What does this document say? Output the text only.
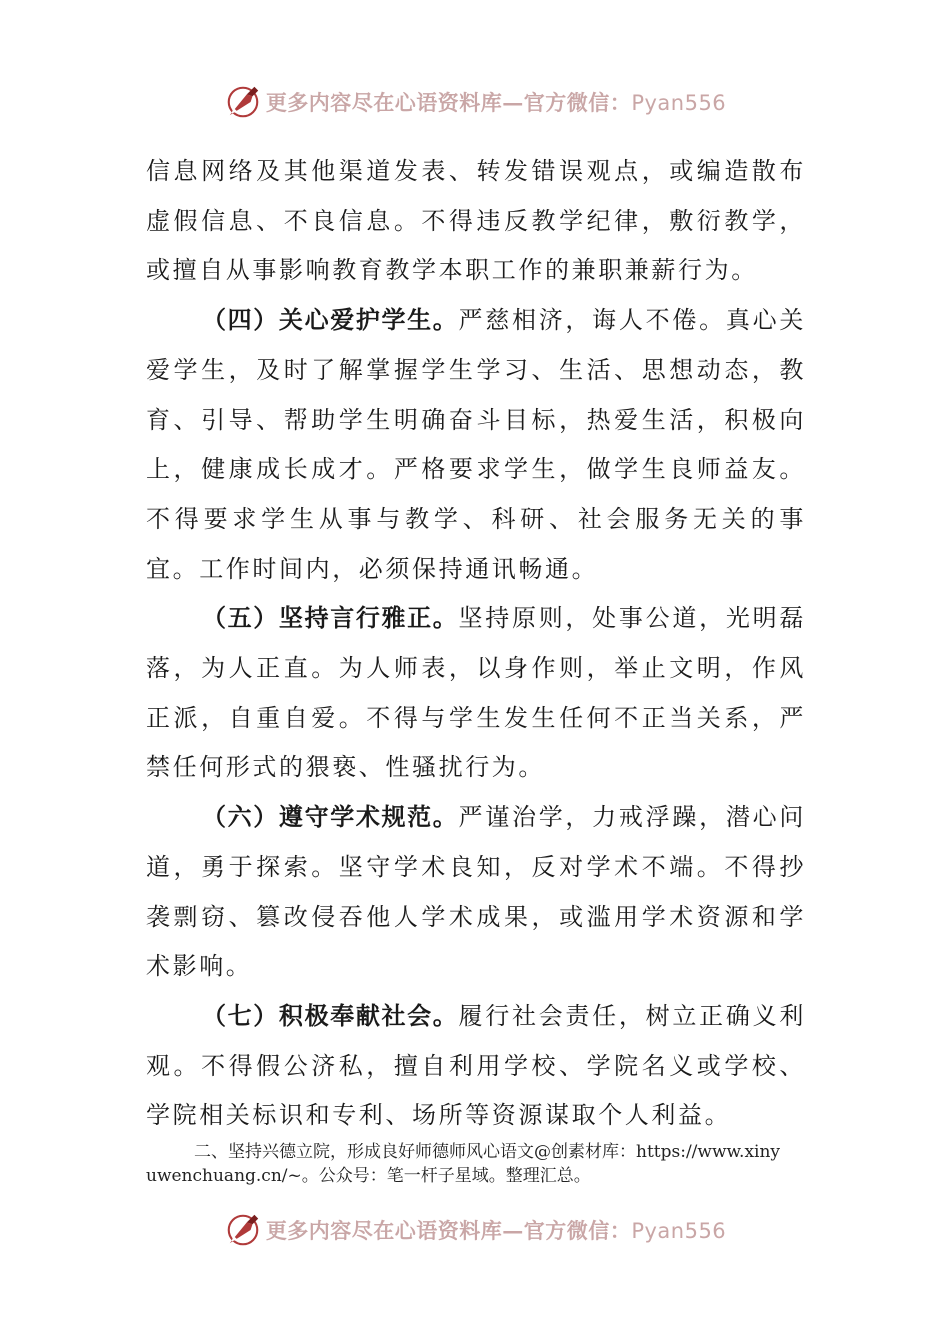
更多内容尽在心语资料库—官方微信：Pyan556

信息网络及其他渠道发表、转发错误观点，或编造散布虚假信息、不良信息。不得违反教学纪律，敷衍教学，或擅自从事影响教育教学本职工作的兼职兼薪行为。

（四）关心爱护学生。严慈相济，诲人不倦。真心关爱学生，及时了解掌握学生学习、生活、思想动态，教育、引导、帮助学生明确奋斗目标，热爱生活，积极向上，健康成长成才。严格要求学生，做学生良师益友。不得要求学生从事与教学、科研、社会服务无关的事宜。工作时间内，必须保持通讯畅通。

（五）坚持言行雅正。坚持原则，处事公道，光明磊落，为人正直。为人师表，以身作则，举止文明，作风正派，自重自爱。不得与学生发生任何不正当关系，严禁任何形式的猥亵、性骚扰行为。

（六）遵守学术规范。严谨治学，力戒浮躁，潜心问道，勇于探索。坚守学术良知，反对学术不端。不得抄袭剽窃、篡改侵吞他人学术成果，或滥用学术资源和学术影响。

（七）积极奉献社会。履行社会责任，树立正确义利观。不得假公济私，擅自利用学校、学院名义或学校、学院相关标识和专利、场所等资源谋取个人利益。

二、坚持兴德立院，形成良好师德师风心语文@创素材库：https://www.xinyuwenchuang.cn/~。公众号：笔一杆子星域。整理汇总。
更多内容尽在心语资料库—官方微信：Pyan556
